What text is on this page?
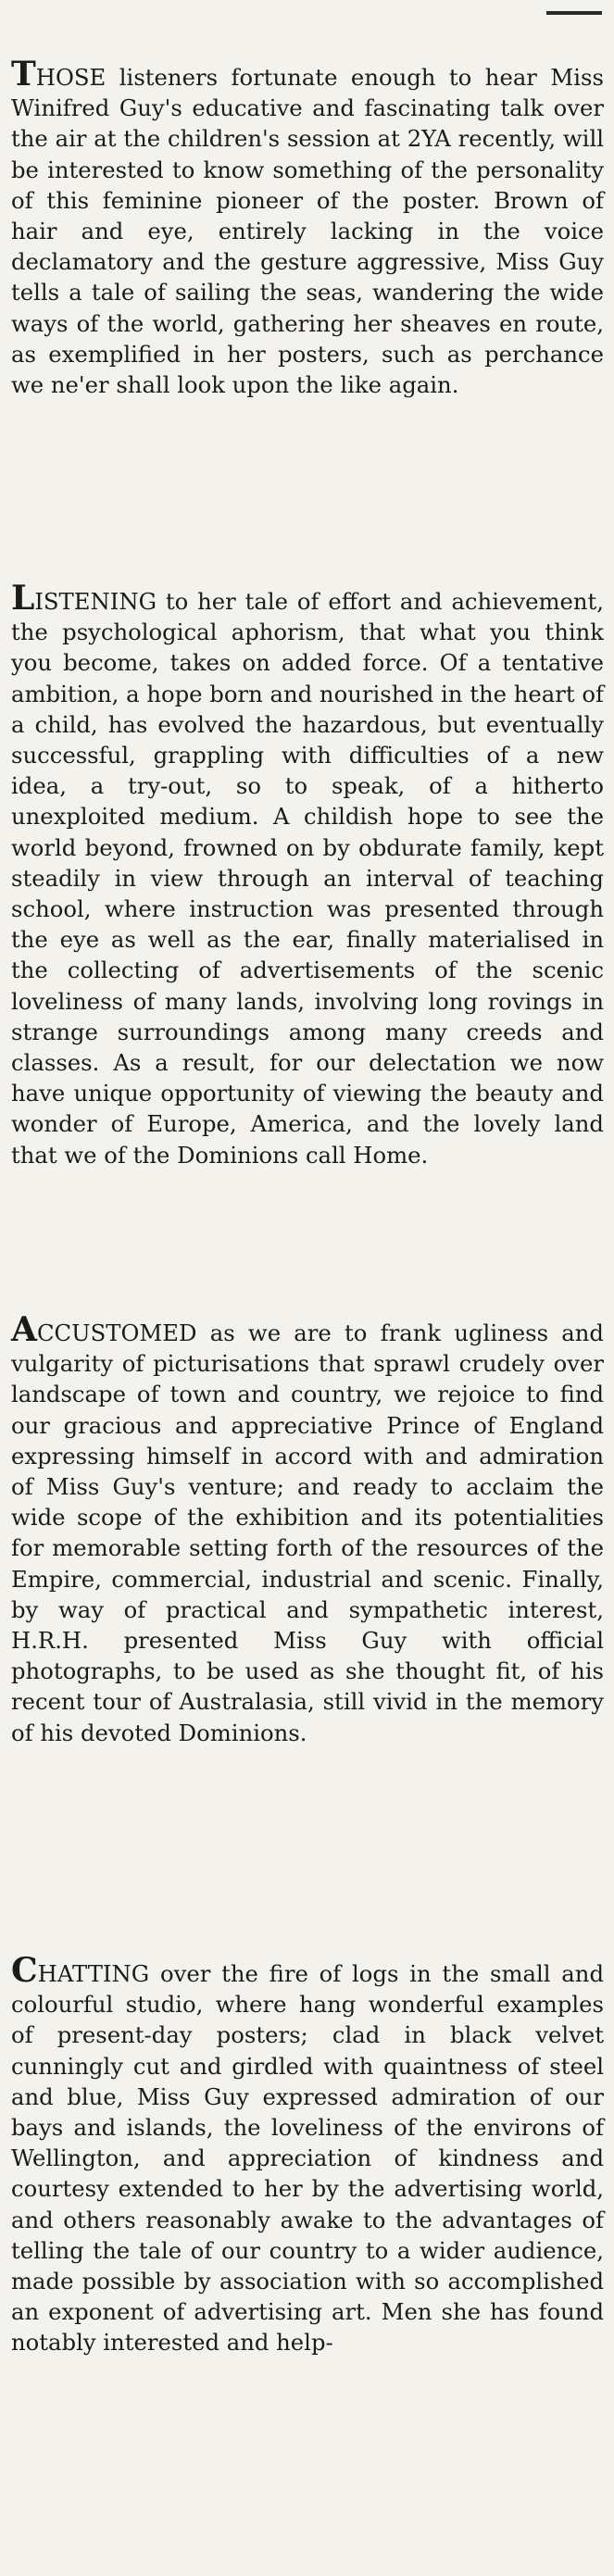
THOSE listeners fortunate enough to hear Miss Winifred Guy's educative and fascinating talk over the air at the children's session at 2YA recently, will be interested to know something of the personality of this feminine pioneer of the poster. Brown of hair and eye, entirely lacking in the voice declamatory and the gesture aggressive, Miss Guy tells a tale of sailing the seas, wandering the wide ways of the world, gathering her sheaves en route, as exemplified in her posters, such as perchance we ne'er shall look upon the like again.

LISTENING to her tale of effort and achievement, the psychological aphorism, that what you think you become, takes on added force. Of a tentative ambition, a hope born and nourished in the heart of a child, has evolved the hazardous, but eventually successful, grappling with difficulties of a new idea, a try-out, so to speak, of a hitherto unexploited medium. A childish hope to see the world beyond, frowned on by obdurate family, kept steadily in view through an interval of teaching school, where instruction was presented through the eye as well as the ear, finally materialised in the collecting of advertisements of the scenic loveliness of many lands, involving long rovings in strange surroundings among many creeds and classes. As a result, for our delectation we now have unique opportunity of viewing the beauty and wonder of Europe, America, and the lovely land that we of the Dominions call Home.

ACCUSTOMED as we are to frank ugliness and vulgarity of picturisations that sprawl crudely over landscape of town and country, we rejoice to find our gracious and appreciative Prince of England expressing himself in accord with and admiration of Miss Guy's venture; and ready to acclaim the wide scope of the exhibition and its potentialities for memorable setting forth of the resources of the Empire, commercial, industrial and scenic. Finally, by way of practical and sympathetic interest, H.R.H. presented Miss Guy with official photographs, to be used as she thought fit, of his recent tour of Australasia, still vivid in the memory of his devoted Dominions.

CHATTING over the fire of logs in the small and colourful studio, where hang wonderful examples of present-day posters; clad in black velvet cunningly cut and girdled with quaintness of steel and blue, Miss Guy expressed admiration of our bays and islands, the loveliness of the environs of Wellington, and appreciation of kindness and courtesy extended to her by the advertising world, and others reasonably awake to the advantages of telling the tale of our country to a wider audience, made possible by association with so accomplished an exponent of advertising art. Men she has found notably interested and help-
